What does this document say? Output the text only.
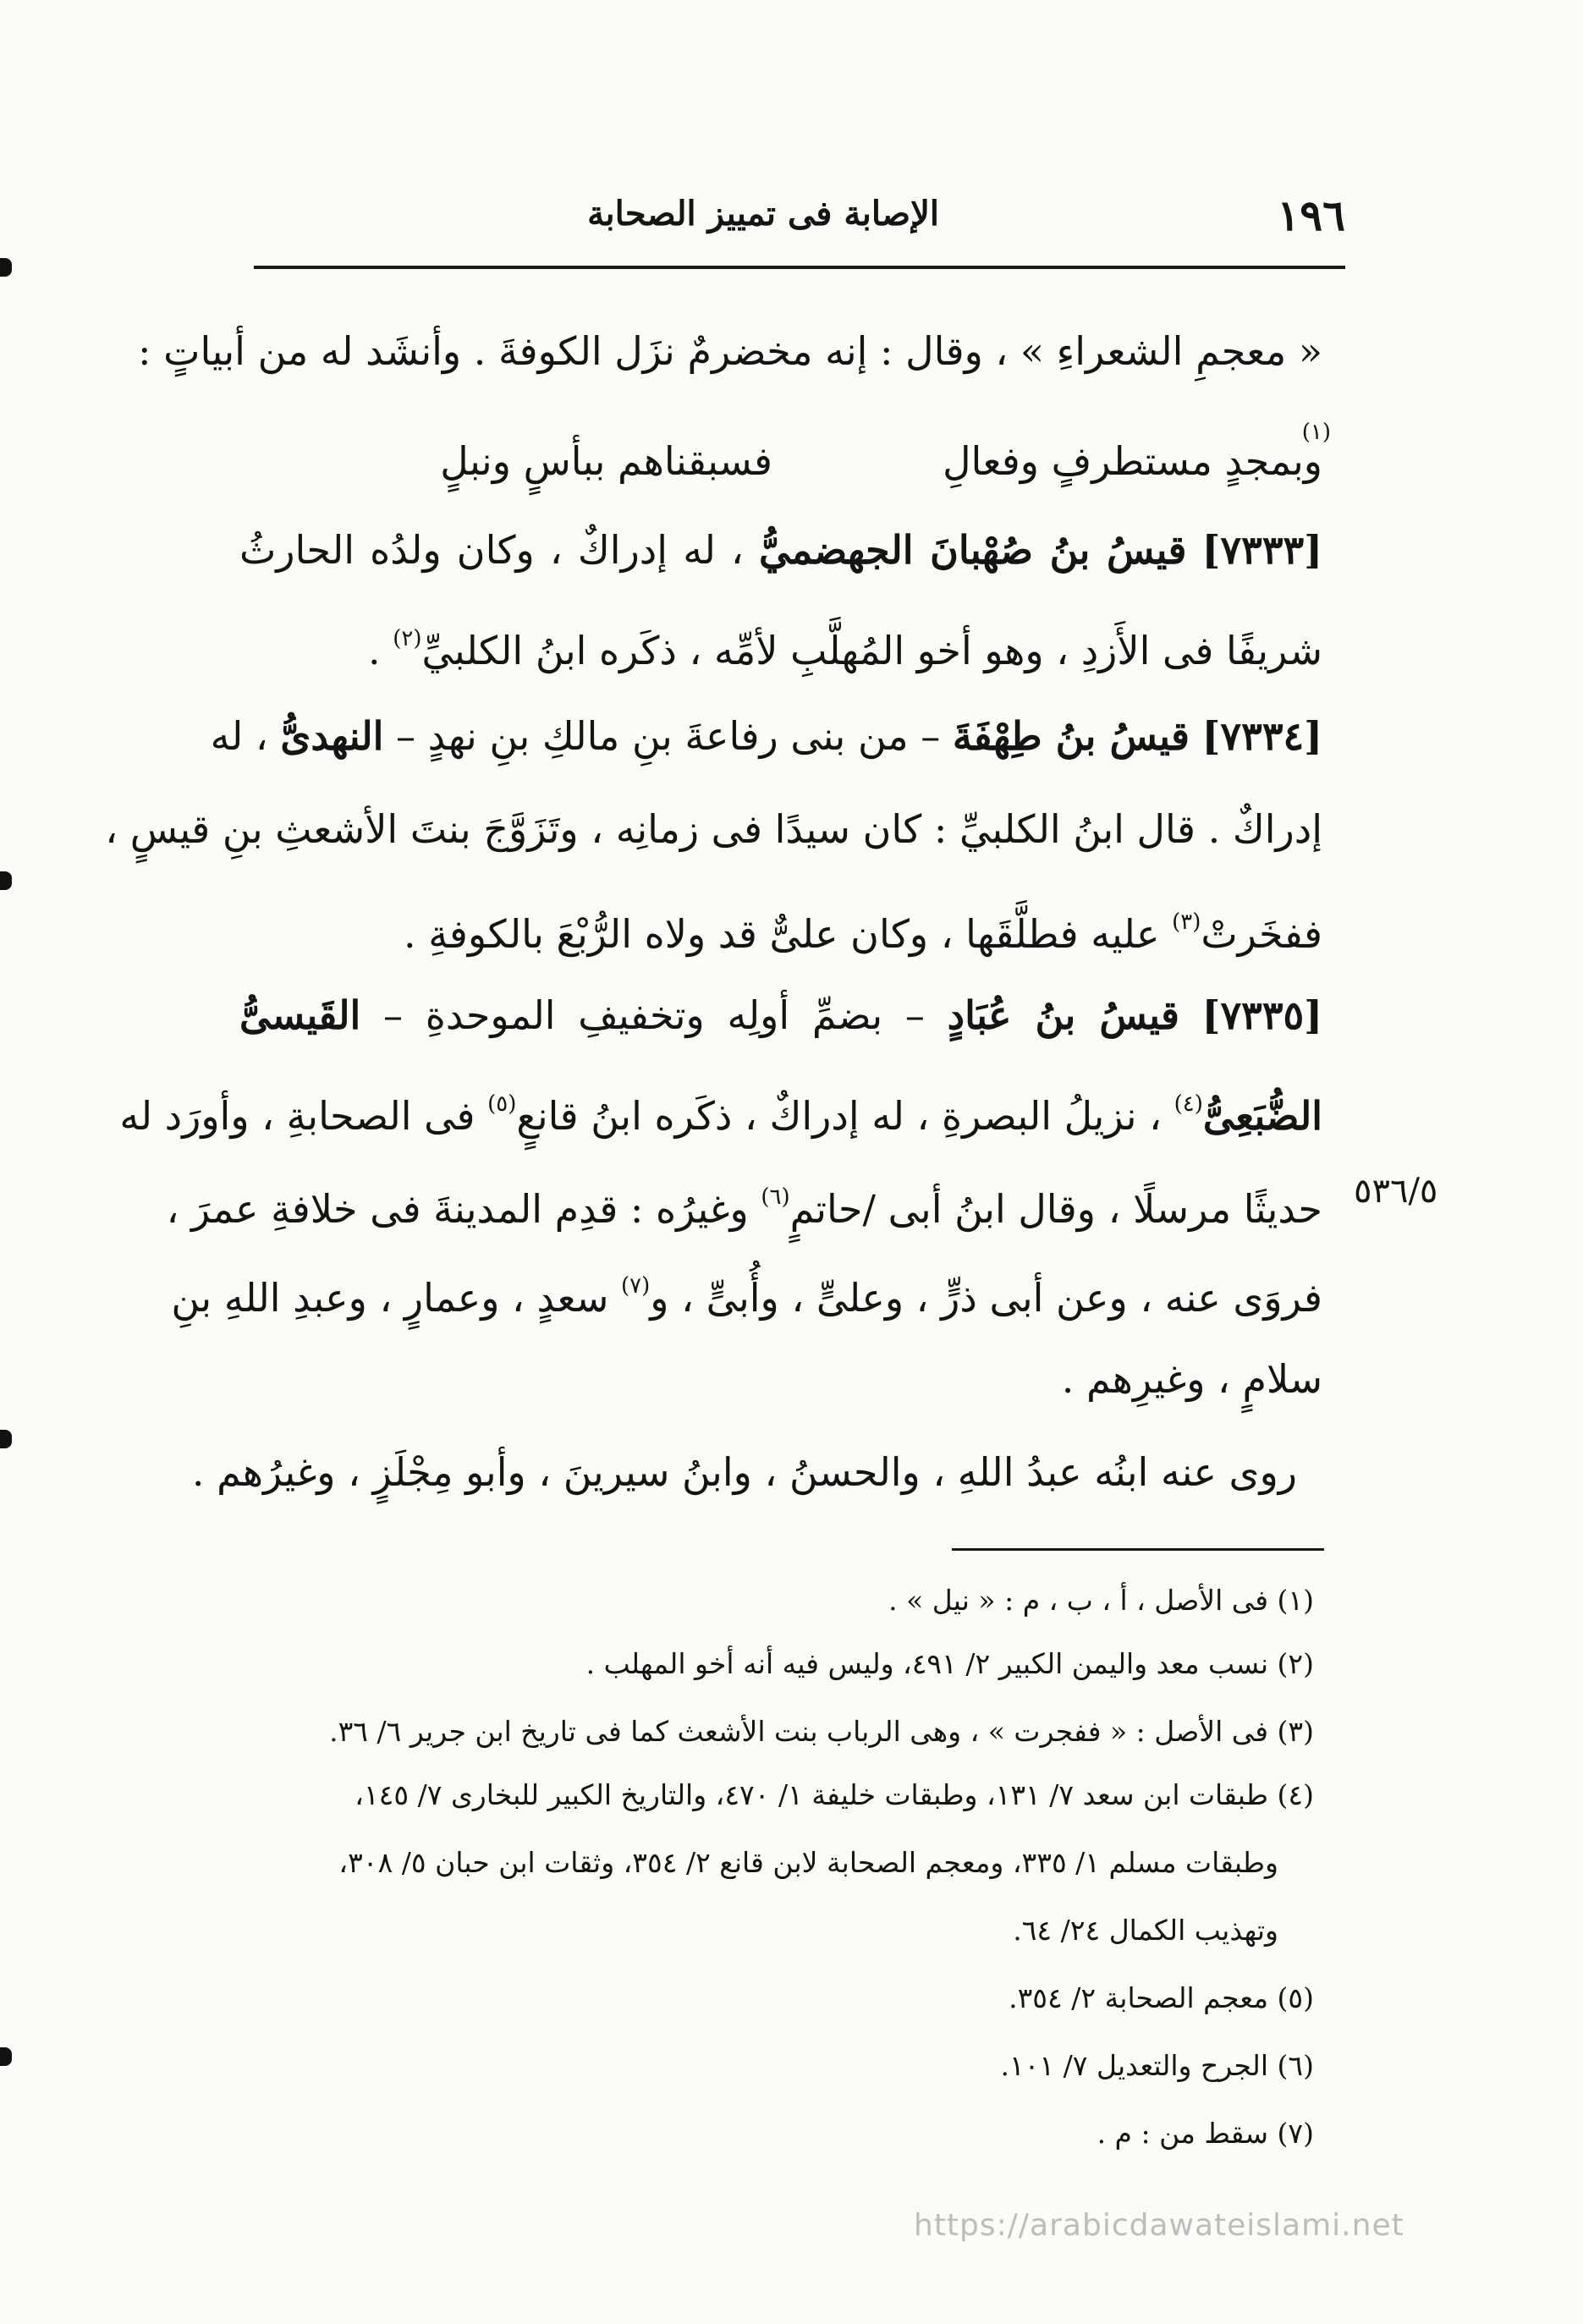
١٩٦
الإصابة فى تمييز الصحابة
« معجمِ الشعراءِ » ، وقال : إنه مخضرمٌ نزَل الكوفةَ . وأنشَد له من أبياتٍ :
(١)
وبمجدٍ مستطرفٍ وفعالِ
فسبقناهم ببأسٍ ونبلٍ
[٧٣٣٣] قيسُ بنُ صُهْبانَ الجهضميُّ ، له إدراكٌ ، وكان ولدُه الحارثُ
شريفًا فى الأَزدِ ، وهو أخو المُهلَّبِ لأمِّه ، ذكَره ابنُ الكلبيِّ$^{(٢)}$ .
[٧٣٣٤] قيسُ بنُ طِهْفَةَ – من بنى رفاعةَ بنِ مالكِ بنِ نهدٍ – النهدىُّ ، له
إدراكٌ . قال ابنُ الكلبيِّ : كان سيدًا فى زمانِه ، وتَزَوَّجَ بنتَ الأشعثِ بنِ قيسٍ ،
ففخَرتْ$^{(٣)}$ عليه فطلَّقَها ، وكان علىٌّ قد ولاه الرُّبْعَ بالكوفةِ .
[٧٣٣٥] قيسُ بنُ عُبَادٍ – بضمِّ أولِه وتخفيفِ الموحدةِ – القَيسىُّ
الضُّبَعِىُّ$^{(٤)}$ ، نزيلُ البصرةِ ، له إدراكٌ ، ذكَره ابنُ قانعٍ$^{(٥)}$ فى الصحابةِ ، وأورَد له
حديثًا مرسلًا ، وقال ابنُ أبى /حاتمٍ$^{(٦)}$ وغيرُه : قدِم المدينةَ فى خلافةِ عمرَ ،	٥٣٦/٥
فروَى عنه ، وعن أبى ذرٍّ ، وعلىٍّ ، وأُبىٍّ ، و$^{(٧)}$ سعدٍ ، وعمارٍ ، وعبدِ اللهِ بنِ
سلامٍ ، وغيرِهم .
روى عنه ابنُه عبدُ اللهِ ، والحسنُ ، وابنُ سيرينَ ، وأبو مِجْلَزٍ ، وغيرُهم .
(١) فى الأصل ، أ ، ب ، م : « نيل » .
(٢) نسب معد واليمن الكبير ٢/ ٤٩١، وليس فيه أنه أخو المهلب .
(٣) فى الأصل : « ففجرت » ، وهى الرباب بنت الأشعث كما فى تاريخ ابن جرير ٦/ ٣٦.
(٤) طبقات ابن سعد ٧/ ١٣١، وطبقات خليفة ١/ ٤٧٠، والتاريخ الكبير للبخارى ٧/ ١٤٥،
وطبقات مسلم ١/ ٣٣٥، ومعجم الصحابة لابن قانع ٢/ ٣٥٤، وثقات ابن حبان ٥/ ٣٠٨،
وتهذيب الكمال ٢٤/ ٦٤.
(٥) معجم الصحابة ٢/ ٣٥٤.
(٦) الجرح والتعديل ٧/ ١٠١.
(٧) سقط من : م .
https://arabicdawateislami.net
